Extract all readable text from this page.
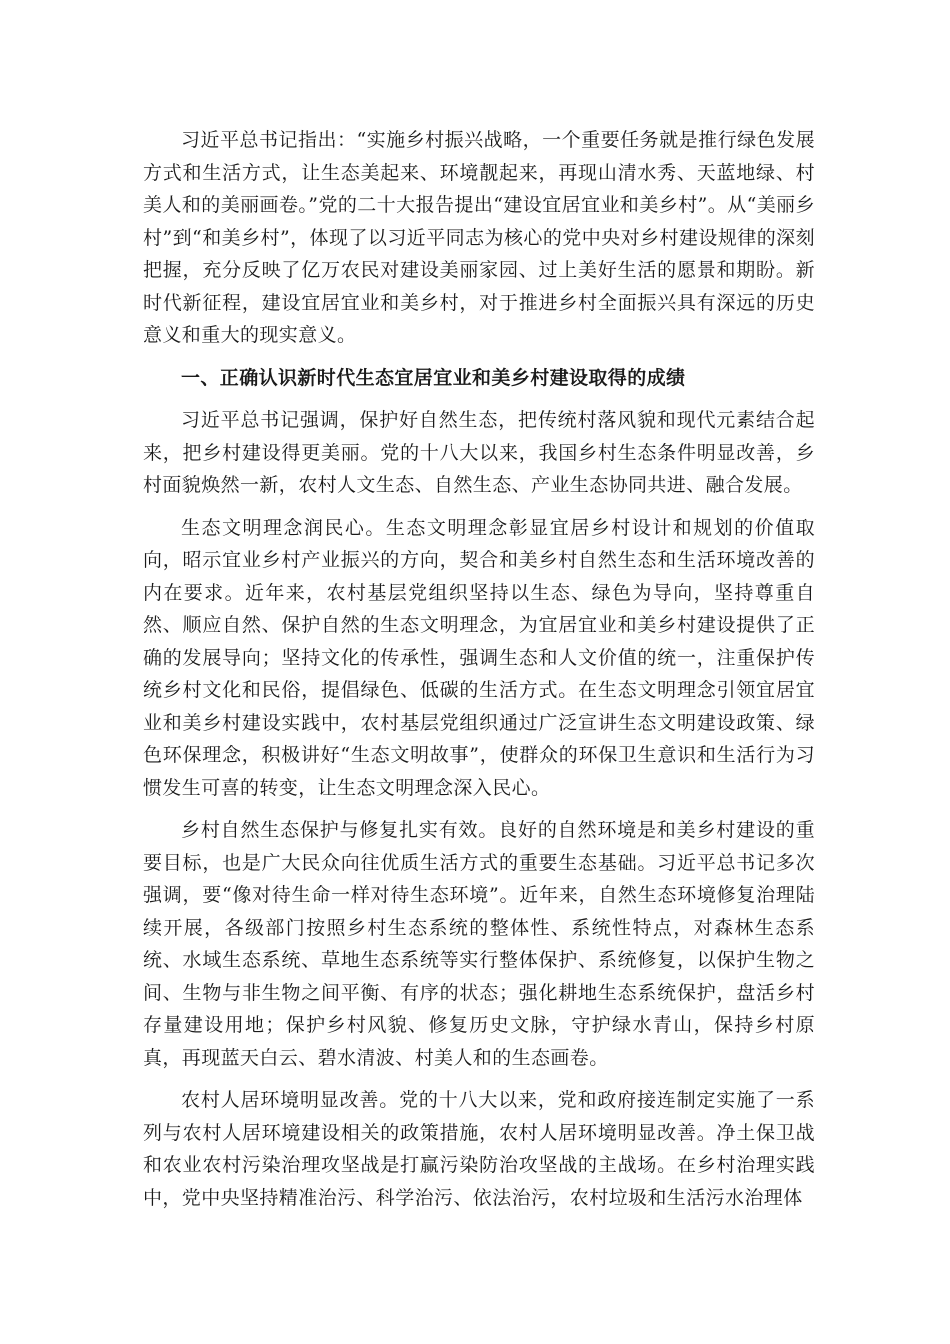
习近平总书记指出：“实施乡村振兴战略，一个重要任务就是推行绿色发展方式和生活方式，让生态美起来、环境靓起来，再现山清水秀、天蓝地绿、村美人和的美丽画卷。”党的二十大报告提出“建设宜居宜业和美乡村”。从“美丽乡村”到“和美乡村”，体现了以习近平同志为核心的党中央对乡村建设规律的深刻把握，充分反映了亿万农民对建设美丽家园、过上美好生活的愿景和期盼。新时代新征程，建设宜居宜业和美乡村，对于推进乡村全面振兴具有深远的历史意义和重大的现实意义。

一、正确认识新时代生态宜居宜业和美乡村建设取得的成绩

习近平总书记强调，保护好自然生态，把传统村落风貌和现代元素结合起来，把乡村建设得更美丽。党的十八大以来，我国乡村生态条件明显改善，乡村面貌焕然一新，农村人文生态、自然生态、产业生态协同共进、融合发展。

生态文明理念润民心。生态文明理念彰显宜居乡村设计和规划的价值取向，昭示宜业乡村产业振兴的方向，契合和美乡村自然生态和生活环境改善的内在要求。近年来，农村基层党组织坚持以生态、绿色为导向，坚持尊重自然、顺应自然、保护自然的生态文明理念，为宜居宜业和美乡村建设提供了正确的发展导向；坚持文化的传承性，强调生态和人文价值的统一，注重保护传统乡村文化和民俗，提倡绿色、低碳的生活方式。在生态文明理念引领宜居宜业和美乡村建设实践中，农村基层党组织通过广泛宣讲生态文明建设政策、绿色环保理念，积极讲好“生态文明故事”，使群众的环保卫生意识和生活行为习惯发生可喜的转变，让生态文明理念深入民心。

乡村自然生态保护与修复扎实有效。良好的自然环境是和美乡村建设的重要目标，也是广大民众向往优质生活方式的重要生态基础。习近平总书记多次强调，要“像对待生命一样对待生态环境”。近年来，自然生态环境修复治理陆续开展，各级部门按照乡村生态系统的整体性、系统性特点，对森林生态系统、水域生态系统、草地生态系统等实行整体保护、系统修复，以保护生物之间、生物与非生物之间平衡、有序的状态；强化耕地生态系统保护，盘活乡村存量建设用地；保护乡村风貌、修复历史文脉，守护绿水青山，保持乡村原真，再现蓝天白云、碧水清波、村美人和的生态画卷。

农村人居环境明显改善。党的十八大以来，党和政府接连制定实施了一系列与农村人居环境建设相关的政策措施，农村人居环境明显改善。净土保卫战和农业农村污染治理攻坚战是打赢污染防治攻坚战的主战场。在乡村治理实践中，党中央坚持精准治污、科学治污、依法治污，农村垃圾和生活污水治理体
